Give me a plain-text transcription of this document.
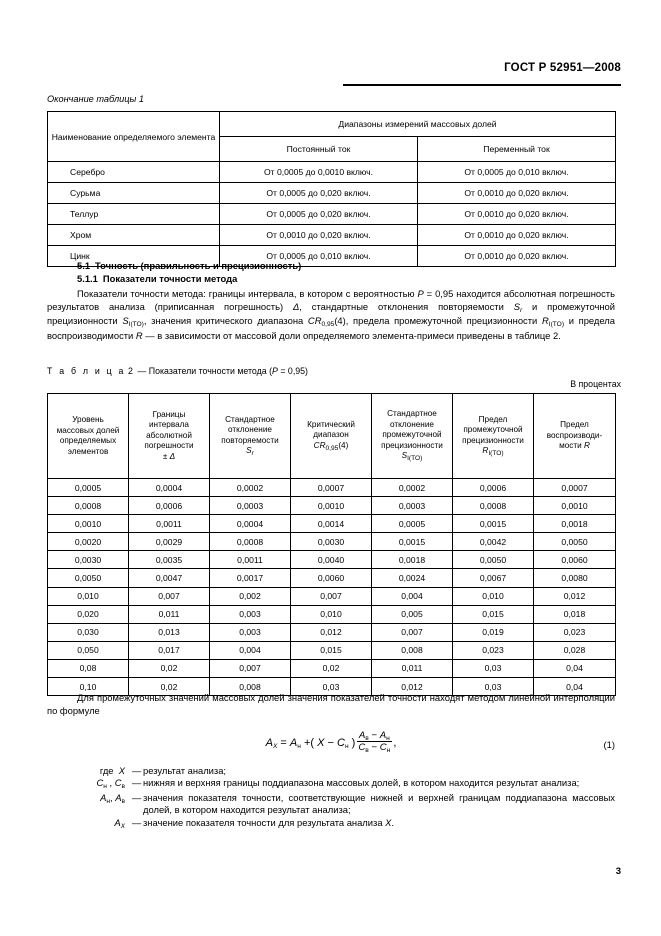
ГОСТ Р 52951—2008
Окончание таблицы 1
Наименование определяемого элемента	Диапазоны измерений массовых долей	
	Постоянный ток	Переменный ток
Серебро	От 0,0005 до 0,0010 включ.	От 0,0005 до 0,010 включ.
Сурьма	От 0,0005 до 0,020 включ.	От 0,0010 до 0,020 включ.
Теллур	От 0,0005 до 0,020 включ.	От 0,0010 до 0,020 включ.
Хром	От 0,0010 до 0,020 включ.	От 0,0010 до 0,020 включ.
Цинк	От 0,0005 до 0,010 включ.	От 0,0010 до 0,020 включ.
5.1 Точность (правильность и прецизионность)
5.1.1 Показатели точности метода
Показатели точности метода: границы интервала, в котором с вероятностью P = 0,95 находится абсолютная погрешность результатов анализа (приписанная погрешность) Δ, стандартные отклонения повторяемости $S_r$ и промежуточной прецизионности $S_{I(TO)}$, значения критического диапазона $CR_{0,95}(4)$, предела промежуточной прецизионности $R_{I(TO)}$ и предела воспроизводимости R — в зависимости от массовой доли определяемого элемента-примеси приведены в таблице 2.
Т а б л и ц а 2 — Показатели точности метода (P = 0,95)
В процентах
Уровень
массовых долей
определяемых
элементов	Границы
интервала
абсолютной
погрешности
± Δ	Стандартное
отклонение
повторяемости
$S_r$	Критический
диапазон
$CR_{0,95}(4)$	Стандартное
отклонение
промежуточной
прецизионности
$S_{I(TO)}$	Предел
промежуточной
прецизионности
$R_{I(TO)}$	Предел
воспроизводи-
мости R
0,0005	0,0004	0,0002	0,0007	0,0002	0,0006	0,0007
0,0008	0,0006	0,0003	0,0010	0,0003	0,0008	0,0010
0,0010	0,0011	0,0004	0,0014	0,0005	0,0015	0,0018
0,0020	0,0029	0,0008	0,0030	0,0015	0,0042	0,0050
0,0030	0,0035	0,0011	0,0040	0,0018	0,0050	0,0060
0,0050	0,0047	0,0017	0,0060	0,0024	0,0067	0,0080
0,010	0,007	0,002	0,007	0,004	0,010	0,012
0,020	0,011	0,003	0,010	0,005	0,015	0,018
0,030	0,013	0,003	0,012	0,007	0,019	0,023
0,050	0,017	0,004	0,015	0,008	0,023	0,028
0,08	0,02	0,007	0,02	0,011	0,03	0,04
0,10	0,02	0,008	0,03	0,012	0,03	0,04
Для промежуточных значений массовых долей значения показателей точности находят методом линейной интерполяции по формуле
$A_X = A_н$ +( $X - C_н$ )$\frac{A_в - A_н}{C_в - C_н}$,	(1)
где X — результат анализа;
$C_н$ , $C_в$ — нижняя и верхняя границы поддиапазона массовых долей, в котором находится результат анализа;
$A_н$, $A_в$ — значения показателя точности, соответствующие нижней и верхней границам поддиапазона массовых долей, в котором находится результат анализа;
$A_X$ — значение показателя точности для результата анализа X.
3
